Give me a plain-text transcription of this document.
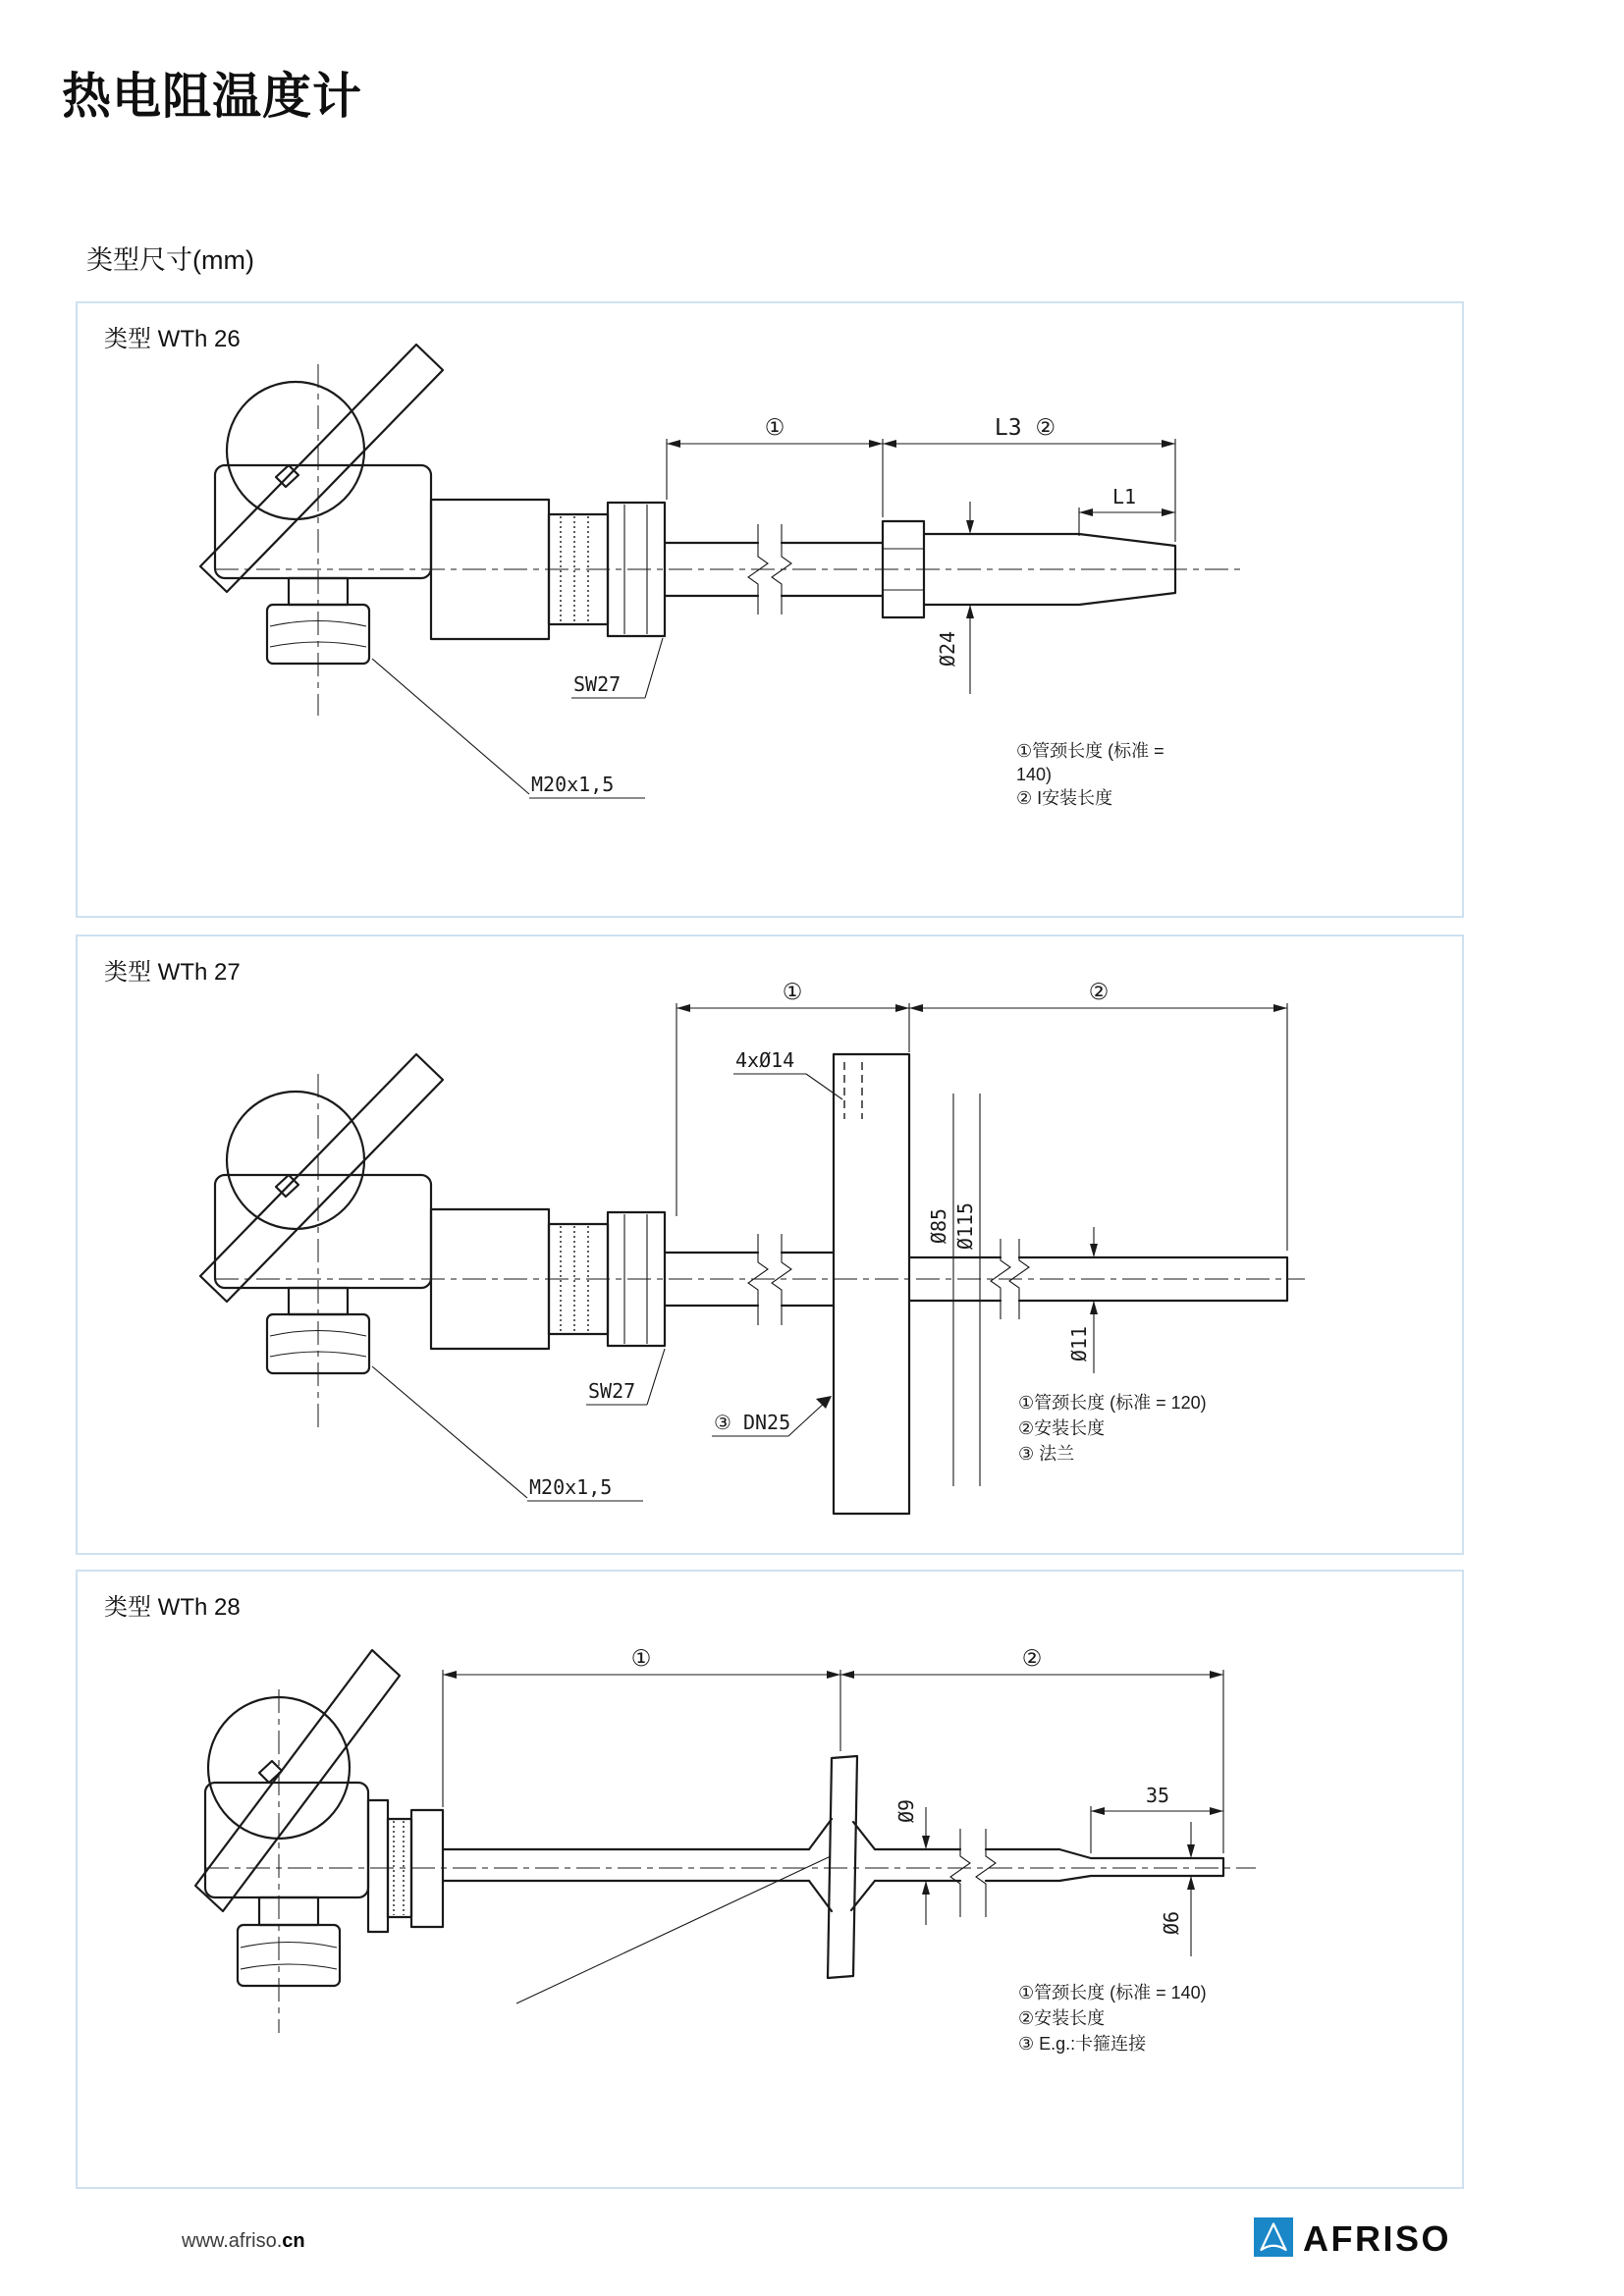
热电阻温度计
类型尺寸(mm)
①	L3 ②
L1
Ø24
SW27
M20x1,5
类型 WTh 26
①管颈长度 (标准 =
140)
② I安装长度
①	②
4xØ14
Ø85 Ø115
Ø11
SW27
③ DN25
M20x1,5
类型 WTh 27
①管颈长度 (标准 = 120)
②安装长度
③ 法兰
①	②
35
Ø9
Ø6
类型 WTh 28
①管颈长度 (标准 = 140)
②安装长度
③ E.g.:卡箍连接
www.afriso.cn	AFRISO
